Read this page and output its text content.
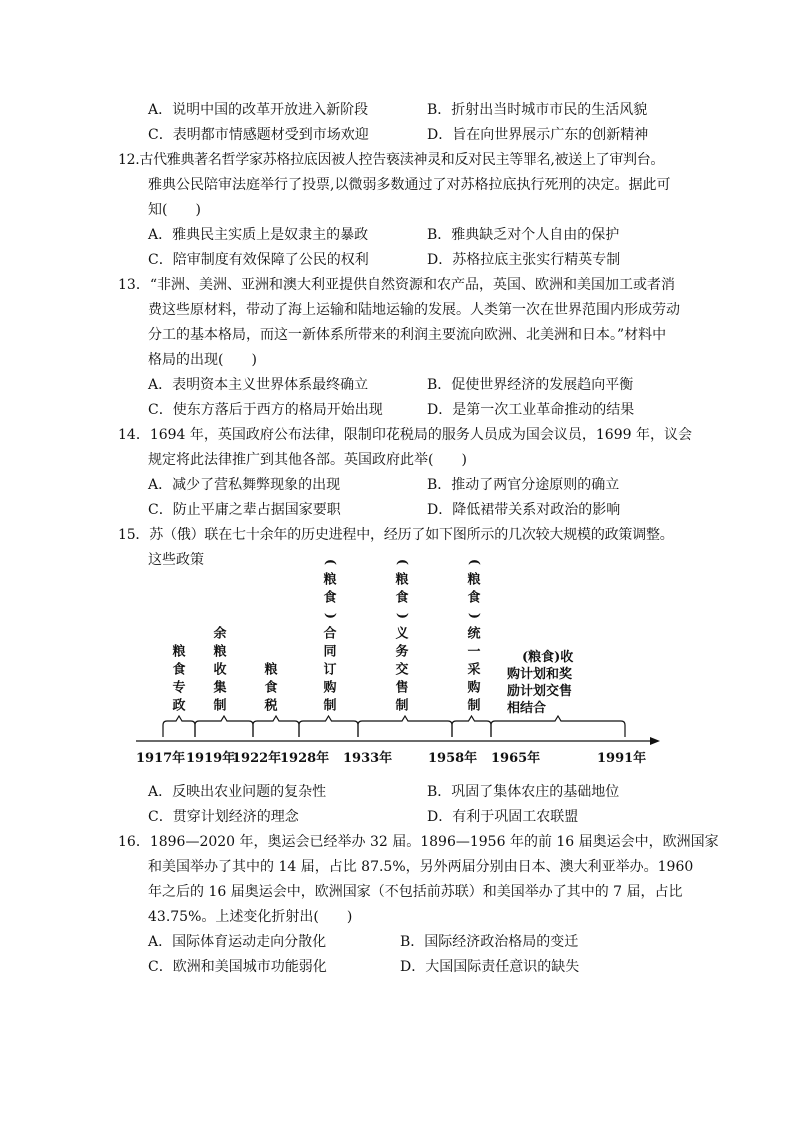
A．说明中国的改革开放进入新阶段	B．折射出当时城市市民的生活风貌
C．表明都市情感题材受到市场欢迎	D．旨在向世界展示广东的创新精神
12.古代雅典著名哲学家苏格拉底因被人控告亵渎神灵和反对民主等罪名,被送上了审判台。
雅典公民陪审法庭举行了投票,以微弱多数通过了对苏格拉底执行死刑的决定。据此可
知(　　)
A．雅典民主实质上是奴隶主的暴政	B．雅典缺乏对个人自由的保护
C．陪审制度有效保障了公民的权利	D．苏格拉底主张实行精英专制
13．“非洲、美洲、亚洲和澳大利亚提供自然资源和农产品，英国、欧洲和美国加工或者消
费这些原材料，带动了海上运输和陆地运输的发展。人类第一次在世界范围内形成劳动
分工的基本格局，而这一新体系所带来的利润主要流向欧洲、北美洲和日本。”材料中
格局的出现(　　)
A．表明资本主义世界体系最终确立	B．促使世界经济的发展趋向平衡
C．使东方落后于西方的格局开始出现	D．是第一次工业革命推动的结果
14．1694 年，英国政府公布法律，限制印花税局的服务人员成为国会议员，1699 年，议会
规定将此法律推广到其他各部。英国政府此举(　　)
A．减少了营私舞弊现象的出现	B．推动了两官分途原则的确立
C．防止平庸之辈占据国家要职	D．降低裙带关系对政治的影响
15．苏（俄）联在七十余年的历史进程中，经历了如下图所示的几次较大规模的政策调整。
这些政策
粮
食
专
政
余
粮
收
集
制
粮
食
税
(
粮
食
)
合
同
订
购
制
(
粮
食
)
义
务
交
售
制
(
粮
食
)
统
一
采
购
制
(粮食)收
购计划和奖
励计划交售
相结合
1917年 1919年
1922年
1928年 1933年	1958年 1965年	1991年
A．反映出农业问题的复杂性	B．巩固了集体农庄的基础地位
C．贯穿计划经济的理念	D．有利于巩固工农联盟
16．1896—2020 年，奥运会已经举办 32 届。1896—1956 年的前 16 届奥运会中，欧洲国家
和美国举办了其中的 14 届，占比 87.5%，另外两届分别由日本、澳大利亚举办。1960
年之后的 16 届奥运会中，欧洲国家（不包括前苏联）和美国举办了其中的 7 届，占比
43.75%。上述变化折射出(　　)
A．国际体育运动走向分散化	B．国际经济政治格局的变迁
C．欧洲和美国城市功能弱化	D．大国国际责任意识的缺失
